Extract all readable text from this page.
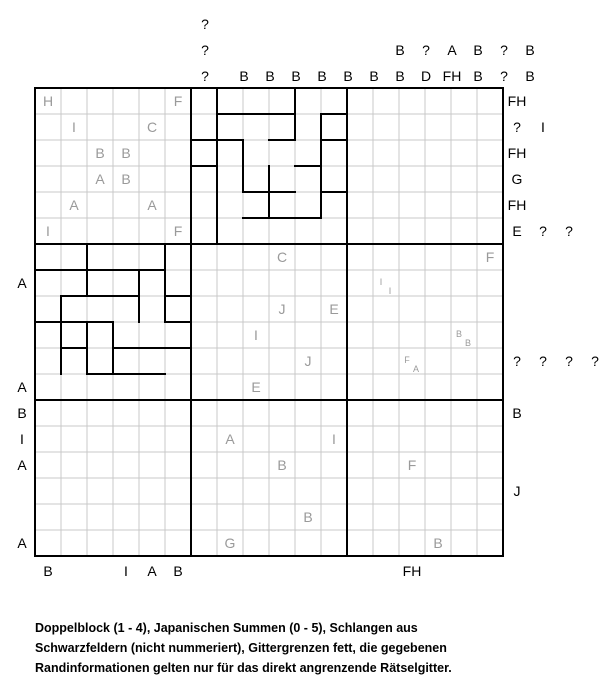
?
?	B	?	A	B	?	B
?	B	B	B	B	B	B	B	D FH B	?	B
A
A
B
I
A
A
FH
?	I
FH
G
FH
E	?	?
?	?	?	?
B
J
B	I	A	B	FH
H	F
I	C
B	B
A	B
A	A
I	F
C	F
J	E
I
J
E
A	I
B	F
B
G	B
I
I
B
B
F
A
Doppelblock (1 - 4), Japanischen Summen (0 - 5), Schlangen aus
Schwarzfeldern (nicht nummeriert), Gittergrenzen fett, die gegebenen
Randinformationen gelten nur für das direkt angrenzende Rätselgitter.
